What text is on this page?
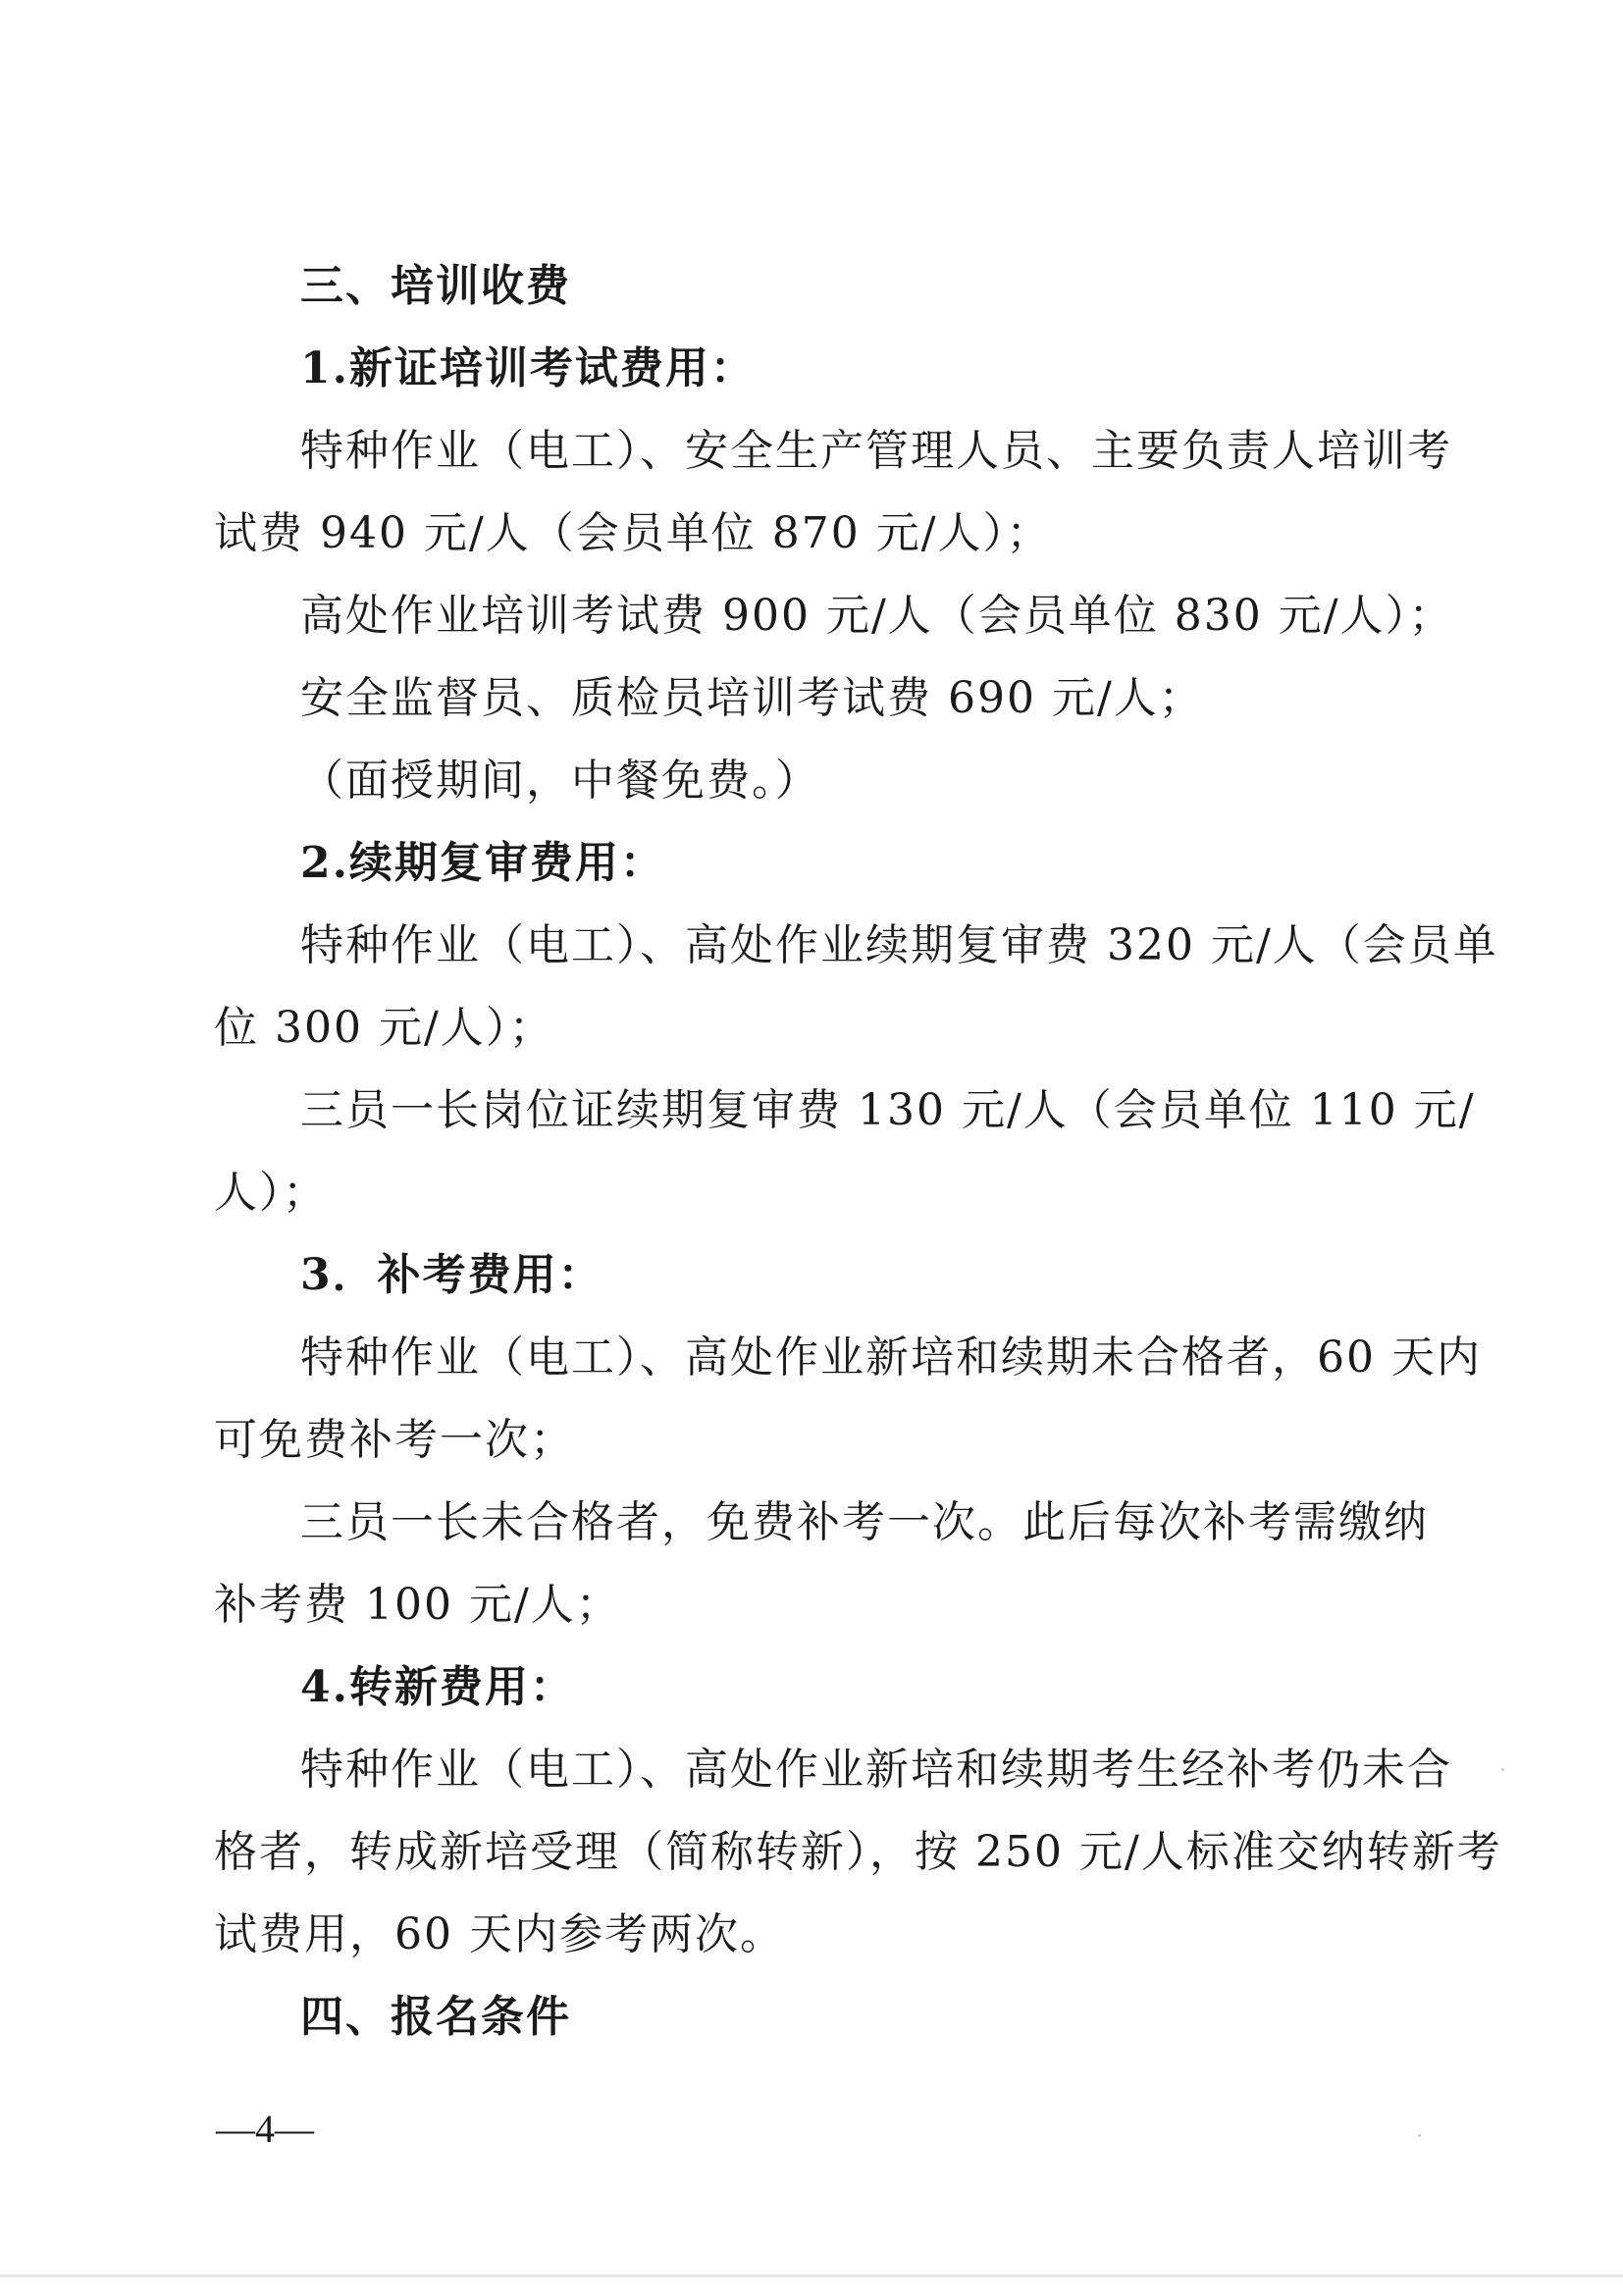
三、培训收费
1.新证培训考试费用：
特种作业（电工）、安全生产管理人员、主要负责人培训考
试费 940 元/人（会员单位 870 元/人）；
高处作业培训考试费 900 元/人（会员单位 830 元/人）；
安全监督员、质检员培训考试费 690 元/人；
（面授期间，中餐免费。）
2.续期复审费用：
特种作业（电工）、高处作业续期复审费 320 元/人（会员单
位 300 元/人）；
三员一长岗位证续期复审费 130 元/人（会员单位 110 元/
人）；
3．补考费用：
特种作业（电工）、高处作业新培和续期未合格者，60 天内
可免费补考一次；
三员一长未合格者，免费补考一次。此后每次补考需缴纳
补考费 100 元/人；
4.转新费用：
特种作业（电工）、高处作业新培和续期考生经补考仍未合
格者，转成新培受理（简称转新），按 250 元/人标准交纳转新考
试费用，60 天内参考两次。
四、报名条件
—4—
